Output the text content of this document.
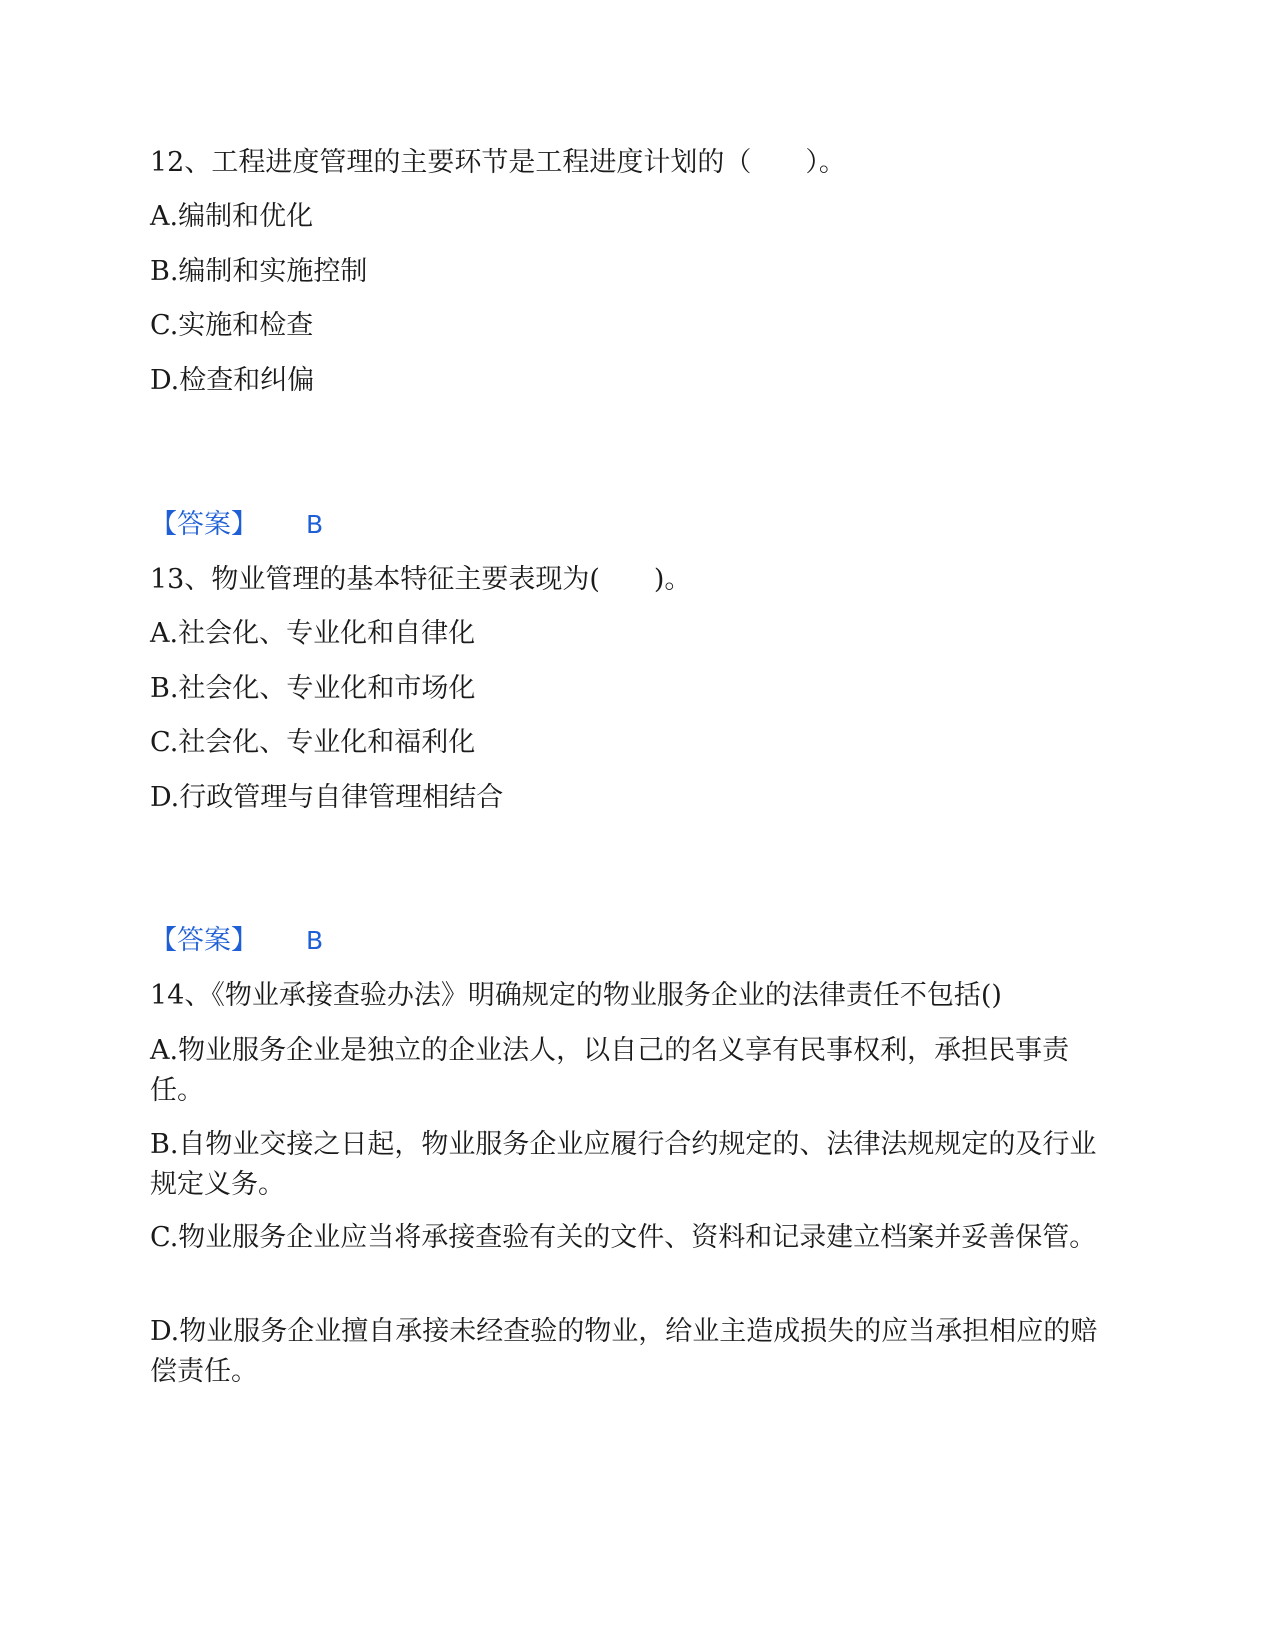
12、工程进度管理的主要环节是工程进度计划的（　　）。
A.编制和优化
B.编制和实施控制
C.实施和检查
D.检查和纠偏
【答案】 B
13、物业管理的基本特征主要表现为(　　)。
A.社会化、专业化和自律化
B.社会化、专业化和市场化
C.社会化、专业化和福利化
D.行政管理与自律管理相结合
【答案】 B
14、《物业承接查验办法》明确规定的物业服务企业的法律责任不包括()
A.物业服务企业是独立的企业法人，以自己的名义享有民事权利，承担民事责任。
B.自物业交接之日起，物业服务企业应履行合约规定的、法律法规规定的及行业规定义务。
C.物业服务企业应当将承接查验有关的文件、资料和记录建立档案并妥善保管。
D.物业服务企业擅自承接未经查验的物业，给业主造成损失的应当承担相应的赔偿责任。
